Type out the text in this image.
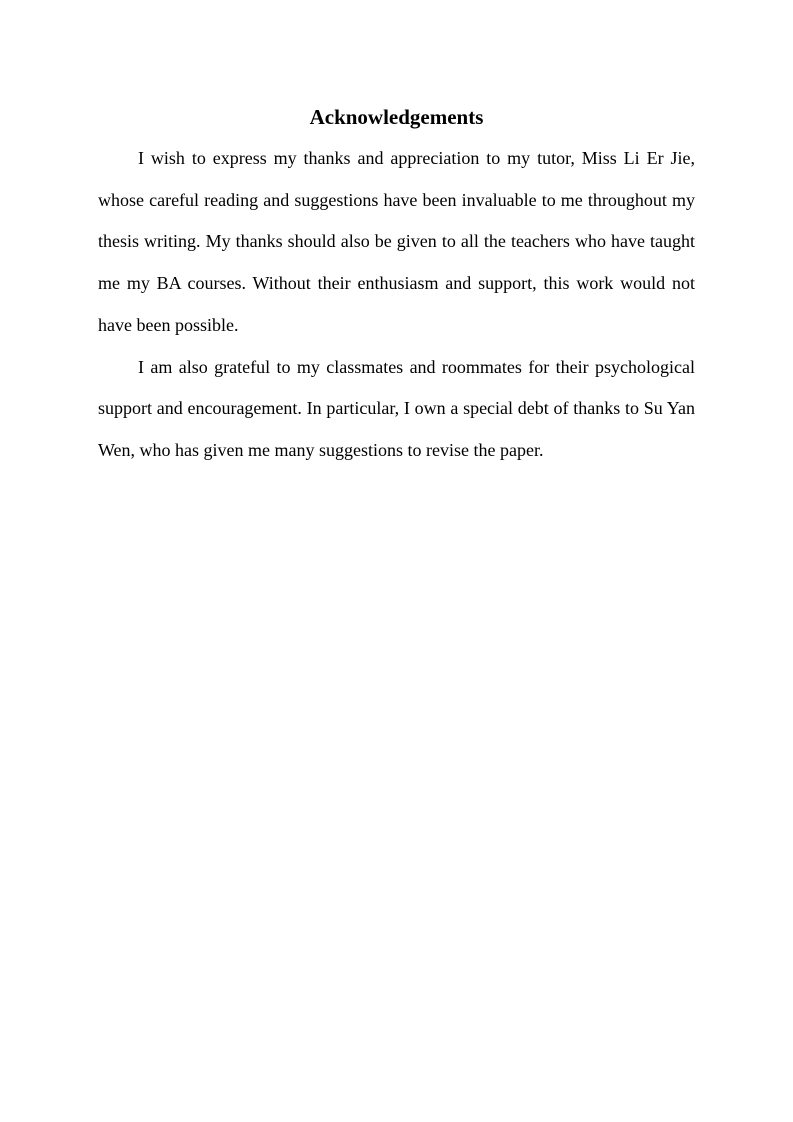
Acknowledgements

I wish to express my thanks and appreciation to my tutor, Miss Li Er Jie, whose careful reading and suggestions have been invaluable to me throughout my thesis writing. My thanks should also be given to all the teachers who have taught me my BA courses. Without their enthusiasm and support, this work would not have been possible.

I am also grateful to my classmates and roommates for their psychological support and encouragement. In particular, I own a special debt of thanks to Su Yan Wen, who has given me many suggestions to revise the paper.
